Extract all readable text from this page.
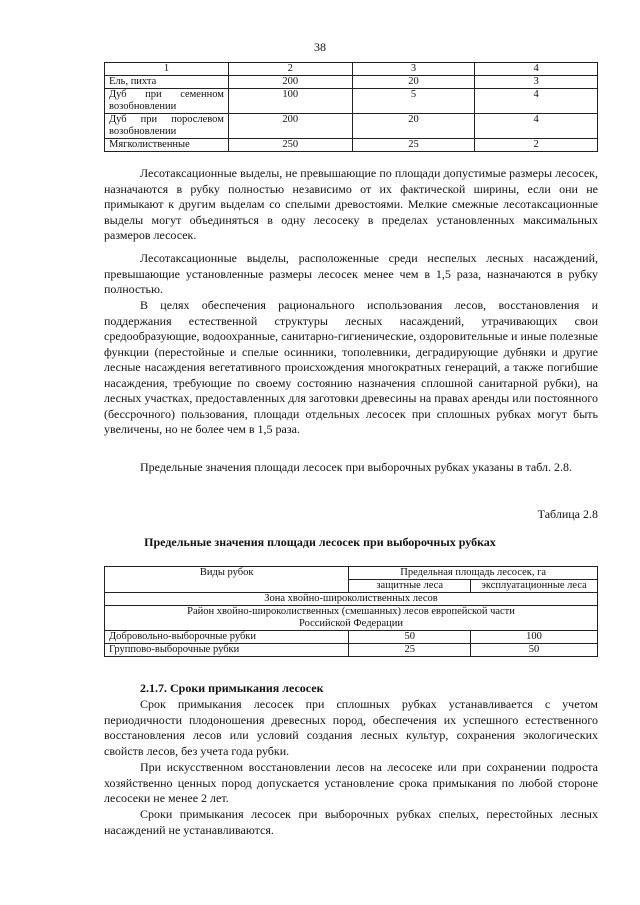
38
1	2	3	4
Ель, пихта	200	20	3
Дуб при семенном возобновлении	100	5	4
Дуб при порослевом возобновлении	200	20	4
Мягколиственные	250	25	2

Лесотаксационные выделы, не превышающие по площади допустимые размеры лесосек, назначаются в рубку полностью независимо от их фактической ширины, если они не примыкают к другим выделам со спелыми древостоями. Мелкие смежные лесотаксационные выделы могут объединяться в одну лесосеку в пределах установленных максимальных размеров лесосек.

Лесотаксационные выделы, расположенные среди неспелых лесных насаждений, превышающие установленные размеры лесосек менее чем в 1,5 раза, назначаются в рубку полностью.

В целях обеспечения рационального использования лесов, восстановления и поддержания естественной структуры лесных насаждений, утрачивающих свои средообразующие, водоохранные, санитарно-гигиенические, оздоровительные и иные полезные функции (перестойные и спелые осинники, тополевники, деградирующие дубняки и другие лесные насаждения вегетативного происхождения многократных генераций, а также погибшие насаждения, требующие по своему состоянию назначения сплошной санитарной рубки), на лесных участках, предоставленных для заготовки древесины на правах аренды или постоянного (бессрочного) пользования, площади отдельных лесосек при сплошных рубках могут быть увеличены, но не более чем в 1,5 раза.

Предельные значения площади лесосек при выборочных рубках указаны в табл. 2.8.

Таблица 2.8
Предельные значения площади лесосек при выборочных рубках
Виды рубок	Предельная площадь лесосек, га	
	защитные леса	эксплуатационные леса
Зона хвойно-широколиственных лесов		
Район хвойно-широколиственных (смешанных) лесов европейской части Российской Федерации		
Добровольно-выборочные рубки	50	100
Группово-выборочные рубки	25	50
2.1.7. Сроки примыкания лесосек

Срок примыкания лесосек при сплошных рубках устанавливается с учетом периодичности плодоношения древесных пород, обеспечения их успешного естественного восстановления лесов или условий создания лесных культур, сохранения экологических свойств лесов, без учета года рубки.

При искусственном восстановлении лесов на лесосеке или при сохранении подроста хозяйственно ценных пород допускается установление срока примыкания по любой стороне лесосеки не менее 2 лет.

Сроки примыкания лесосек при выборочных рубках спелых, перестойных лесных насаждений не устанавливаются.
